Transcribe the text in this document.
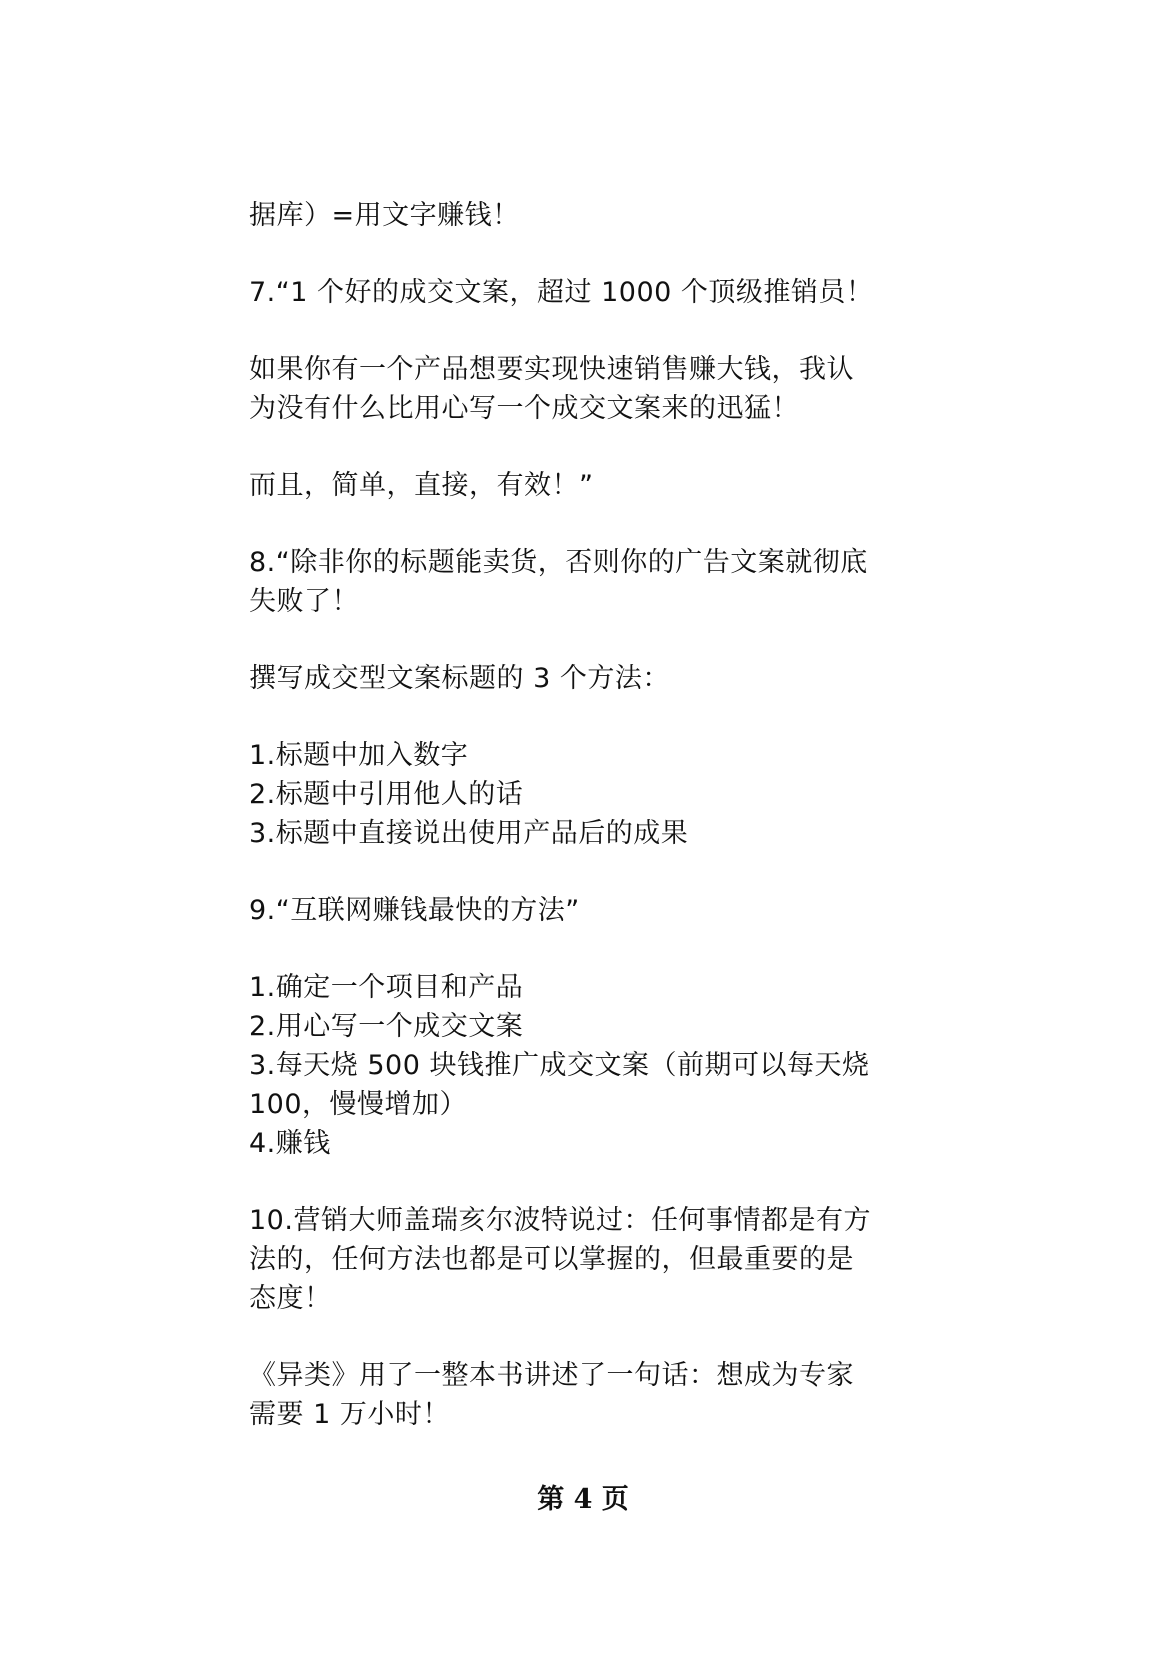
据库）=用文字赚钱！
7.“1 个好的成交文案，超过 1000 个顶级推销员！
如果你有一个产品想要实现快速销售赚大钱，我认
为没有什么比用心写一个成交文案来的迅猛！
而且，简单，直接，有效！”
8.“除非你的标题能卖货，否则你的广告文案就彻底
失败了！
撰写成交型文案标题的 3 个方法：
1.标题中加入数字
2.标题中引用他人的话
3.标题中直接说出使用产品后的成果
9.“互联网赚钱最快的方法”
1.确定一个项目和产品
2.用心写一个成交文案
3.每天烧 500 块钱推广成交文案（前期可以每天烧
100，慢慢增加）
4.赚钱
10.营销大师盖瑞亥尔波特说过：任何事情都是有方
法的，任何方法也都是可以掌握的，但最重要的是
态度！
《异类》用了一整本书讲述了一句话：想成为专家
需要 1 万小时！
第 4 页
